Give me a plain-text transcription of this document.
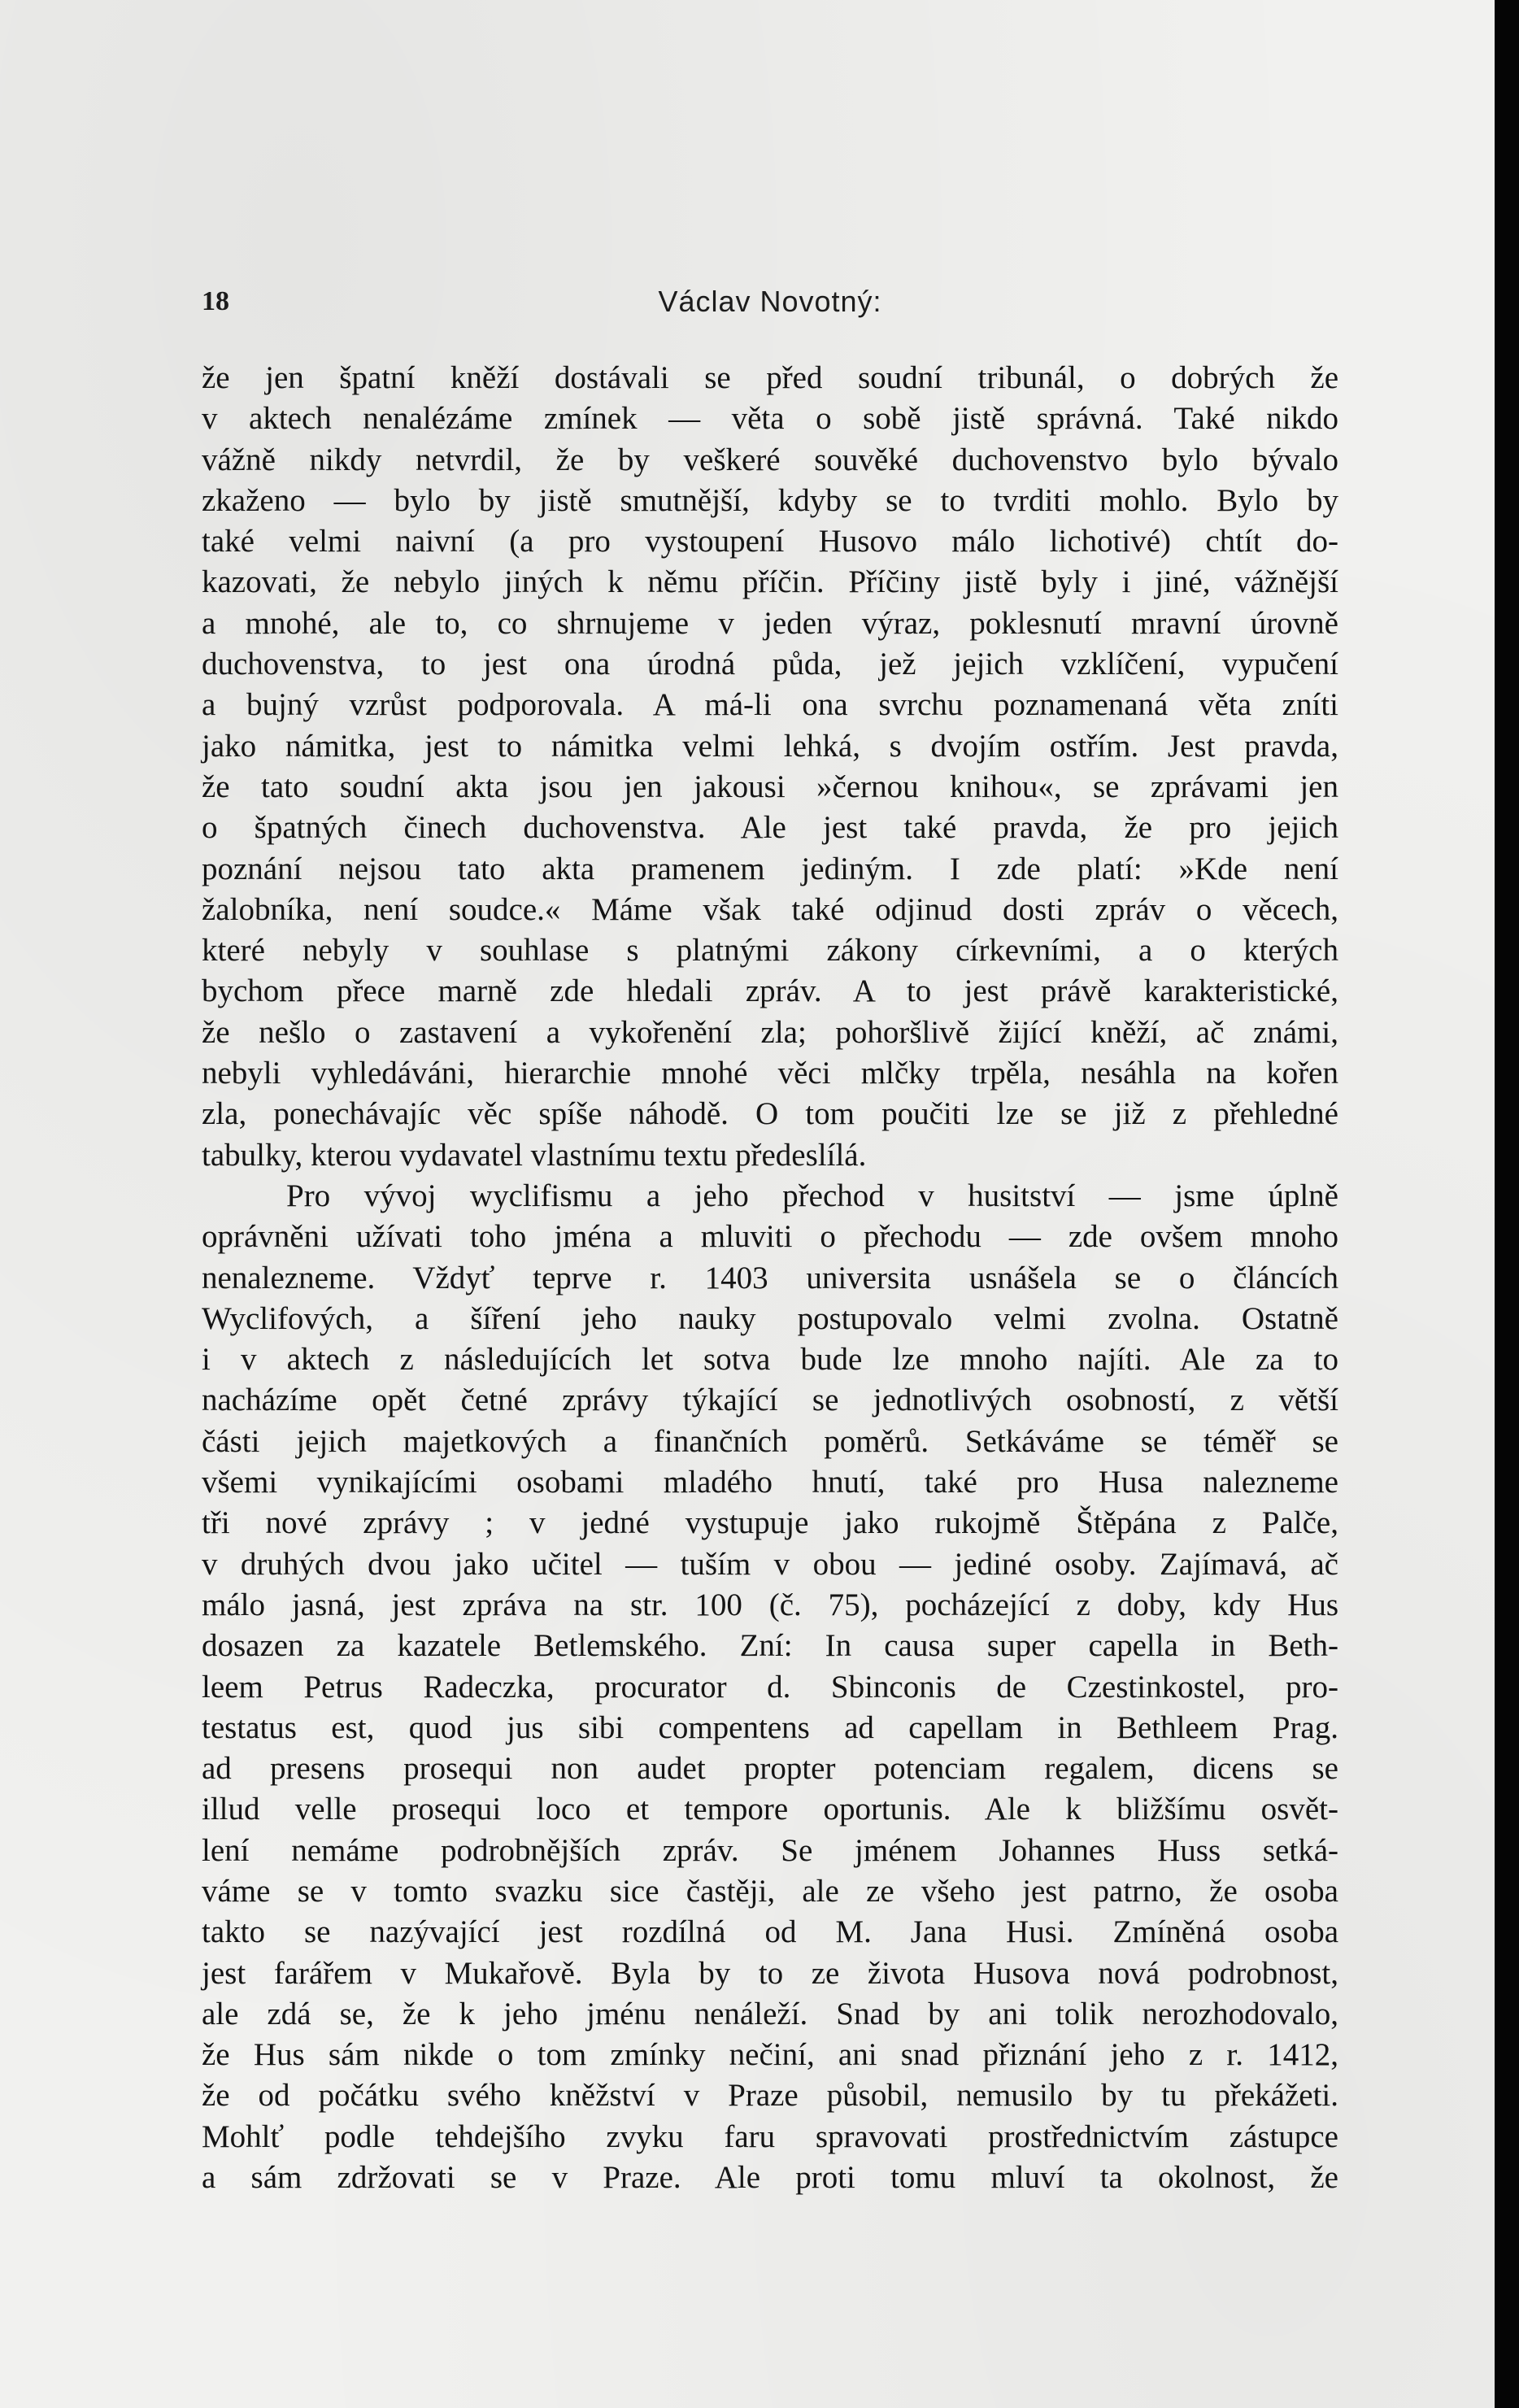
18	Václav Novotný:
že jen špatní kněží dostávali se před soudní tribunál, o dobrých že
v aktech nenalézáme zmínek — věta o sobě jistě správná. Také nikdo
vážně nikdy netvrdil, že by veškeré souvěké duchovenstvo bylo bývalo
zkaženo — bylo by jistě smutnější, kdyby se to tvrditi mohlo. Bylo by
také velmi naivní (a pro vystoupení Husovo málo lichotivé) chtít do-
kazovati, že nebylo jiných k němu příčin. Příčiny jistě byly i jiné, vážnější
a mnohé, ale to, co shrnujeme v jeden výraz, poklesnutí mravní úrovně
duchovenstva, to jest ona úrodná půda, jež jejich vzklíčení, vypučení
a bujný vzrůst podporovala. A má-li ona svrchu poznamenaná věta zníti
jako námitka, jest to námitka velmi lehká, s dvojím ostřím. Jest pravda,
že tato soudní akta jsou jen jakousi »černou knihou«, se zprávami jen
o špatných činech duchovenstva. Ale jest také pravda, že pro jejich
poznání nejsou tato akta pramenem jediným. I zde platí: »Kde není
žalobníka, není soudce.« Máme však také odjinud dosti zpráv o věcech,
které nebyly v souhlase s platnými zákony církevními, a o kterých
bychom přece marně zde hledali zpráv. A to jest právě karakteristické,
že nešlo o zastavení a vykořenění zla; pohoršlivě žijící kněží, ač známi,
nebyli vyhledáváni, hierarchie mnohé věci mlčky trpěla, nesáhla na kořen
zla, ponechávajíc věc spíše náhodě. O tom poučiti lze se již z přehledné
tabulky, kterou vydavatel vlastnímu textu předeslílá.
Pro vývoj wyclifismu a jeho přechod v husitství — jsme úplně
oprávněni užívati toho jména a mluviti o přechodu — zde ovšem mnoho
nenalezneme. Vždyť teprve r. 1403 universita usnášela se o článcích
Wyclifových, a šíření jeho nauky postupovalo velmi zvolna. Ostatně
i v aktech z následujících let sotva bude lze mnoho najíti. Ale za to
nacházíme opět četné zprávy týkající se jednotlivých osobností, z větší
části jejich majetkových a finančních poměrů. Setkáváme se téměř se
všemi vynikajícími osobami mladého hnutí, také pro Husa nalezneme
tři nové zprávy ; v jedné vystupuje jako rukojmě Štěpána z Palče,
v druhých dvou jako učitel — tuším v obou — jediné osoby. Zajímavá, ač
málo jasná, jest zpráva na str. 100 (č. 75), pocházející z doby, kdy Hus
dosazen za kazatele Betlemského. Zní: In causa super capella in Beth-
leem Petrus Radeczka, procurator d. Sbinconis de Czestinkostel, pro-
testatus est, quod jus sibi compentens ad capellam in Bethleem Prag.
ad presens prosequi non audet propter potenciam regalem, dicens se
illud velle prosequi loco et tempore oportunis. Ale k bližšímu osvět-
lení nemáme podrobnějších zpráv. Se jménem Johannes Huss setká-
váme se v tomto svazku sice častěji, ale ze všeho jest patrno, že osoba
takto se nazývající jest rozdílná od M. Jana Husi. Zmíněná osoba
jest farářem v Mukařově. Byla by to ze života Husova nová podrobnost,
ale zdá se, že k jeho jménu nenáleží. Snad by ani tolik nerozhodovalo,
že Hus sám nikde o tom zmínky nečiní, ani snad přiznání jeho z r. 1412,
že od počátku svého kněžství v Praze působil, nemusilo by tu překážeti.
Mohlť podle tehdejšího zvyku faru spravovati prostřednictvím zástupce
a sám zdržovati se v Praze. Ale proti tomu mluví ta okolnost, že
